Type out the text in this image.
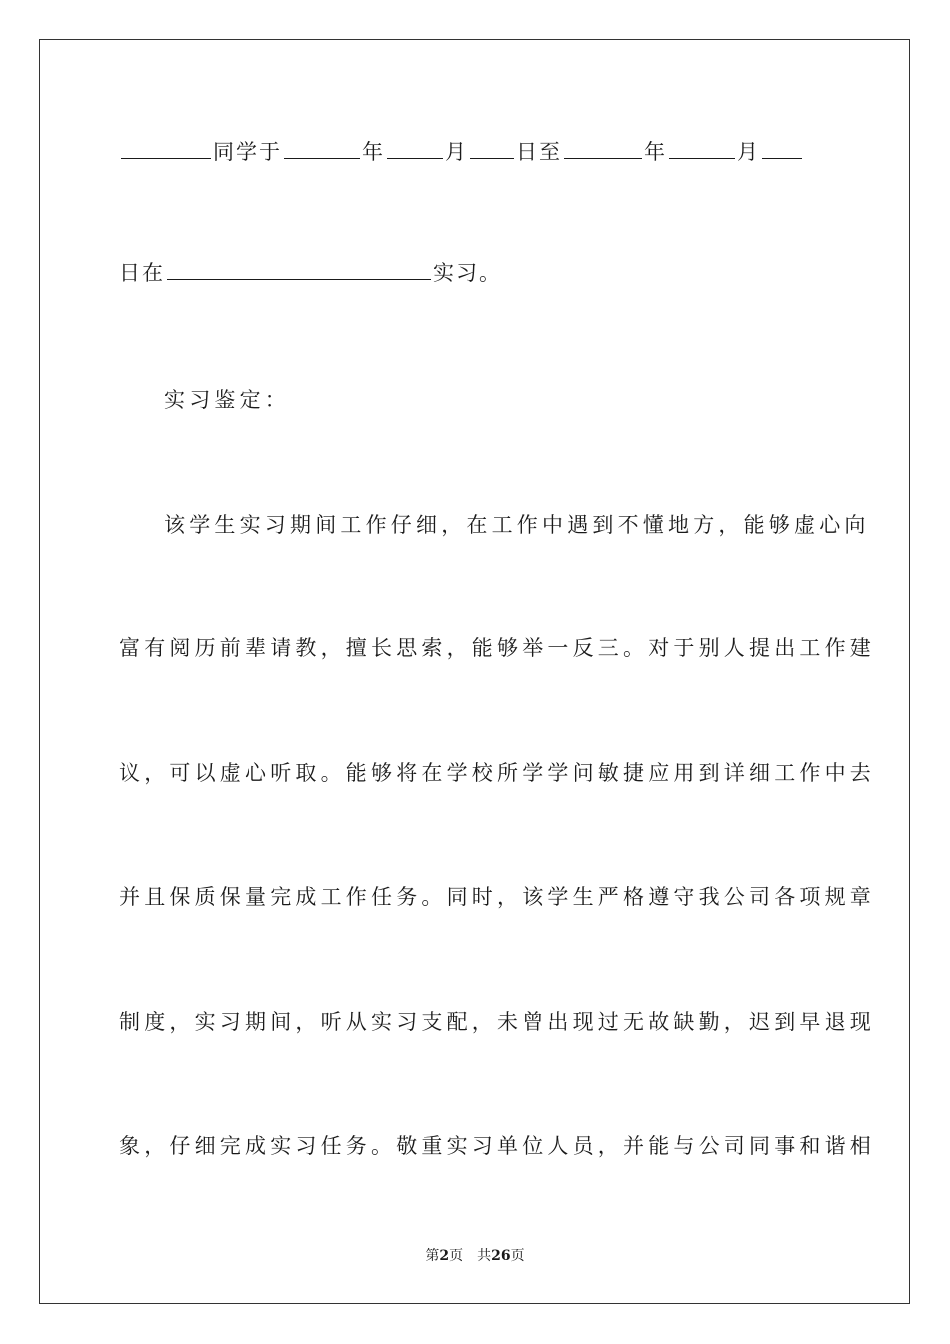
同学于	年	月 日至	年	月
日在	实习。
实习鉴定：
该学生实习期间工作仔细，在工作中遇到不懂地方，能够虚心向
富有阅历前辈请教，擅长思索，能够举一反三。对于别人提出工作建
议，可以虚心听取。能够将在学校所学学问敏捷应用到详细工作中去
并且保质保量完成工作任务。同时，该学生严格遵守我公司各项规章
制度，实习期间，听从实习支配，未曾出现过无故缺勤，迟到早退现
象，仔细完成实习任务。敬重实习单位人员，并能与公司同事和谐相
第2页　共26页
